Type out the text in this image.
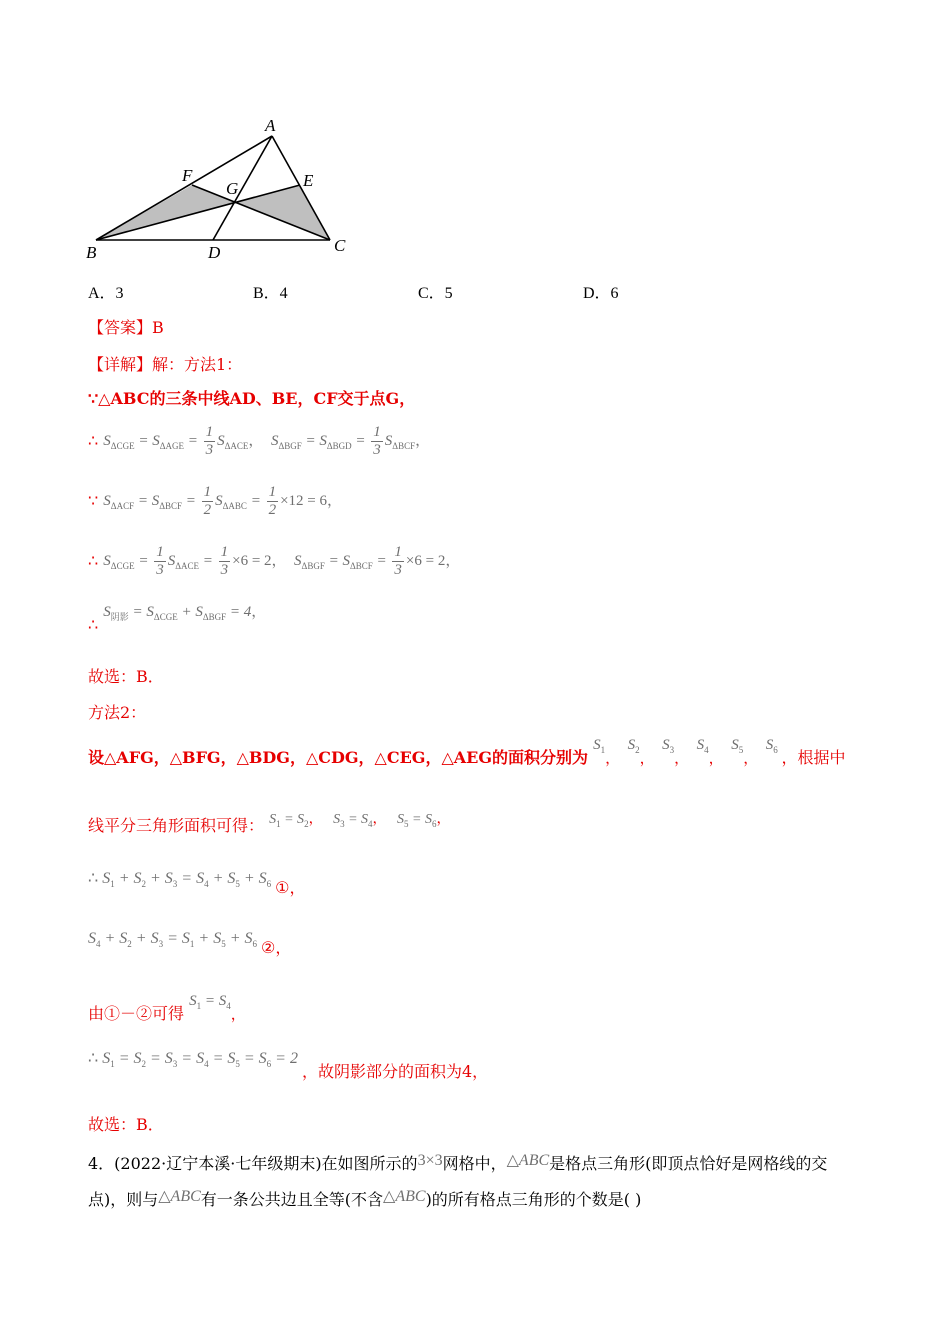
A
B	C
D
E
F
G
A．3	B．4	C．5	D．6
【答案】B
【详解】解：方法1：
∵△ABC的三条中线AD、BE，CF交于点G，
∴ $S_{\Delta CGE} = S_{\Delta AGE} = \frac{1}{3} S_{\Delta ACE}$，  $S_{\Delta BGF} = S_{\Delta BGD} = \frac{1}{3} S_{\Delta BCF}$，
∵ $S_{\Delta ACF} = S_{\Delta BCF} = \frac{1}{2} S_{\Delta ABC} = \frac{1}{2} \times 12 = 6$，
∴ $S_{\Delta CGE} = \frac{1}{3} S_{\Delta ACE} = \frac{1}{3} \times 6 = 2$，  $S_{\Delta BGF} = S_{\Delta BCF} = \frac{1}{3} \times 6 = 2$，
∴ $S_{阴影} = S_{\Delta CGE} + S_{\Delta BGF} = 4$，
故选：B．
方法2：
设△AFG，△BFG，△BDG，△CDG，△CEG，△AEG的面积分别为 $S_1$，  $S_2$，  $S_3$，  $S_4$，  $S_5$，  $S_6$ ，根据中
线平分三角形面积可得： $S_1 = S_2$，   $S_3 = S_4$，   $S_5 = S_6$，
∴ $S_1 + S_2 + S_3 = S_4 + S_5 + S_6$ ①，
$S_4 + S_2 + S_3 = S_1 + S_5 + S_6$ ②，
由①－②可得 $S_1 = S_4$，
∴ $S_1 = S_2 = S_3 = S_4 = S_5 = S_6 = 2$ ，故阴影部分的面积为4，
故选：B．
4．(2022·辽宁本溪·七年级期末)在如图所示的3×3网格中，△ABC是格点三角形(即顶点恰好是网格线的交
点)，则与△ABC有一条公共边且全等(不含△ABC)的所有格点三角形的个数是( )
